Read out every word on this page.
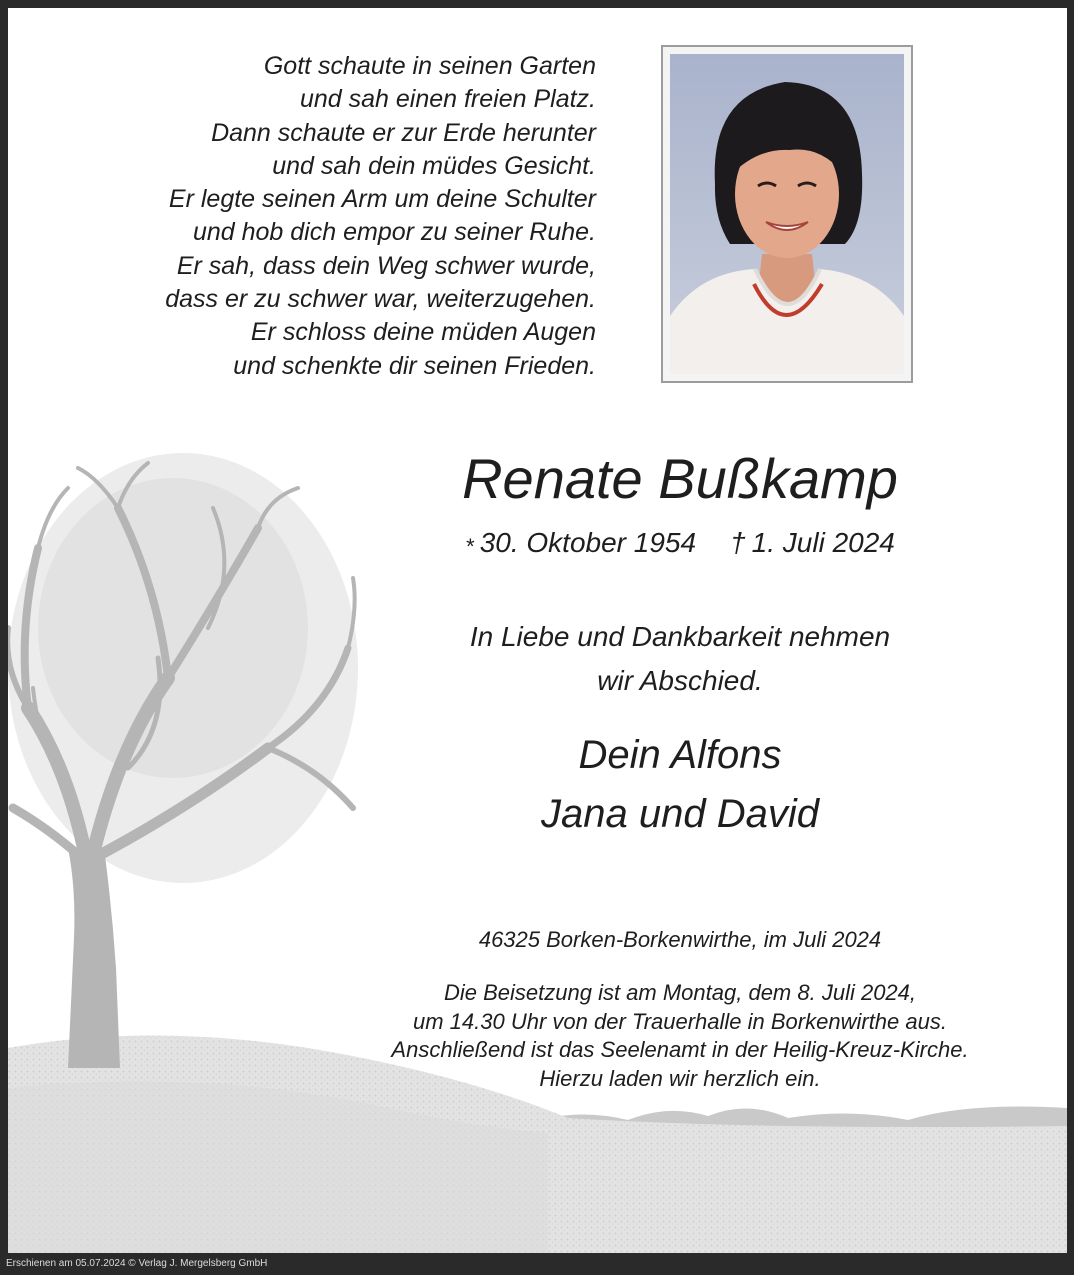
Gott schaute in seinen Garten
und sah einen freien Platz.
Dann schaute er zur Erde herunter
und sah dein müdes Gesicht.
Er legte seinen Arm um deine Schulter
und hob dich empor zu seiner Ruhe.
Er sah, dass dein Weg schwer wurde,
dass er zu schwer war, weiterzugehen.
Er schloss deine müden Augen
und schenkte dir seinen Frieden.
Renate Bußkamp
* 30. Oktober 1954 † 1. Juli 2024
In Liebe und Dankbarkeit nehmen
wir Abschied.
Dein Alfons
Jana und David
46325 Borken-Borkenwirthe, im Juli 2024
Die Beisetzung ist am Montag, dem 8. Juli 2024,
um 14.30 Uhr von der Trauerhalle in Borkenwirthe aus.
Anschließend ist das Seelenamt in der Heilig-Kreuz-Kirche.
Hierzu laden wir herzlich ein.
Erschienen am 05.07.2024 © Verlag J. Mergelsberg GmbH
